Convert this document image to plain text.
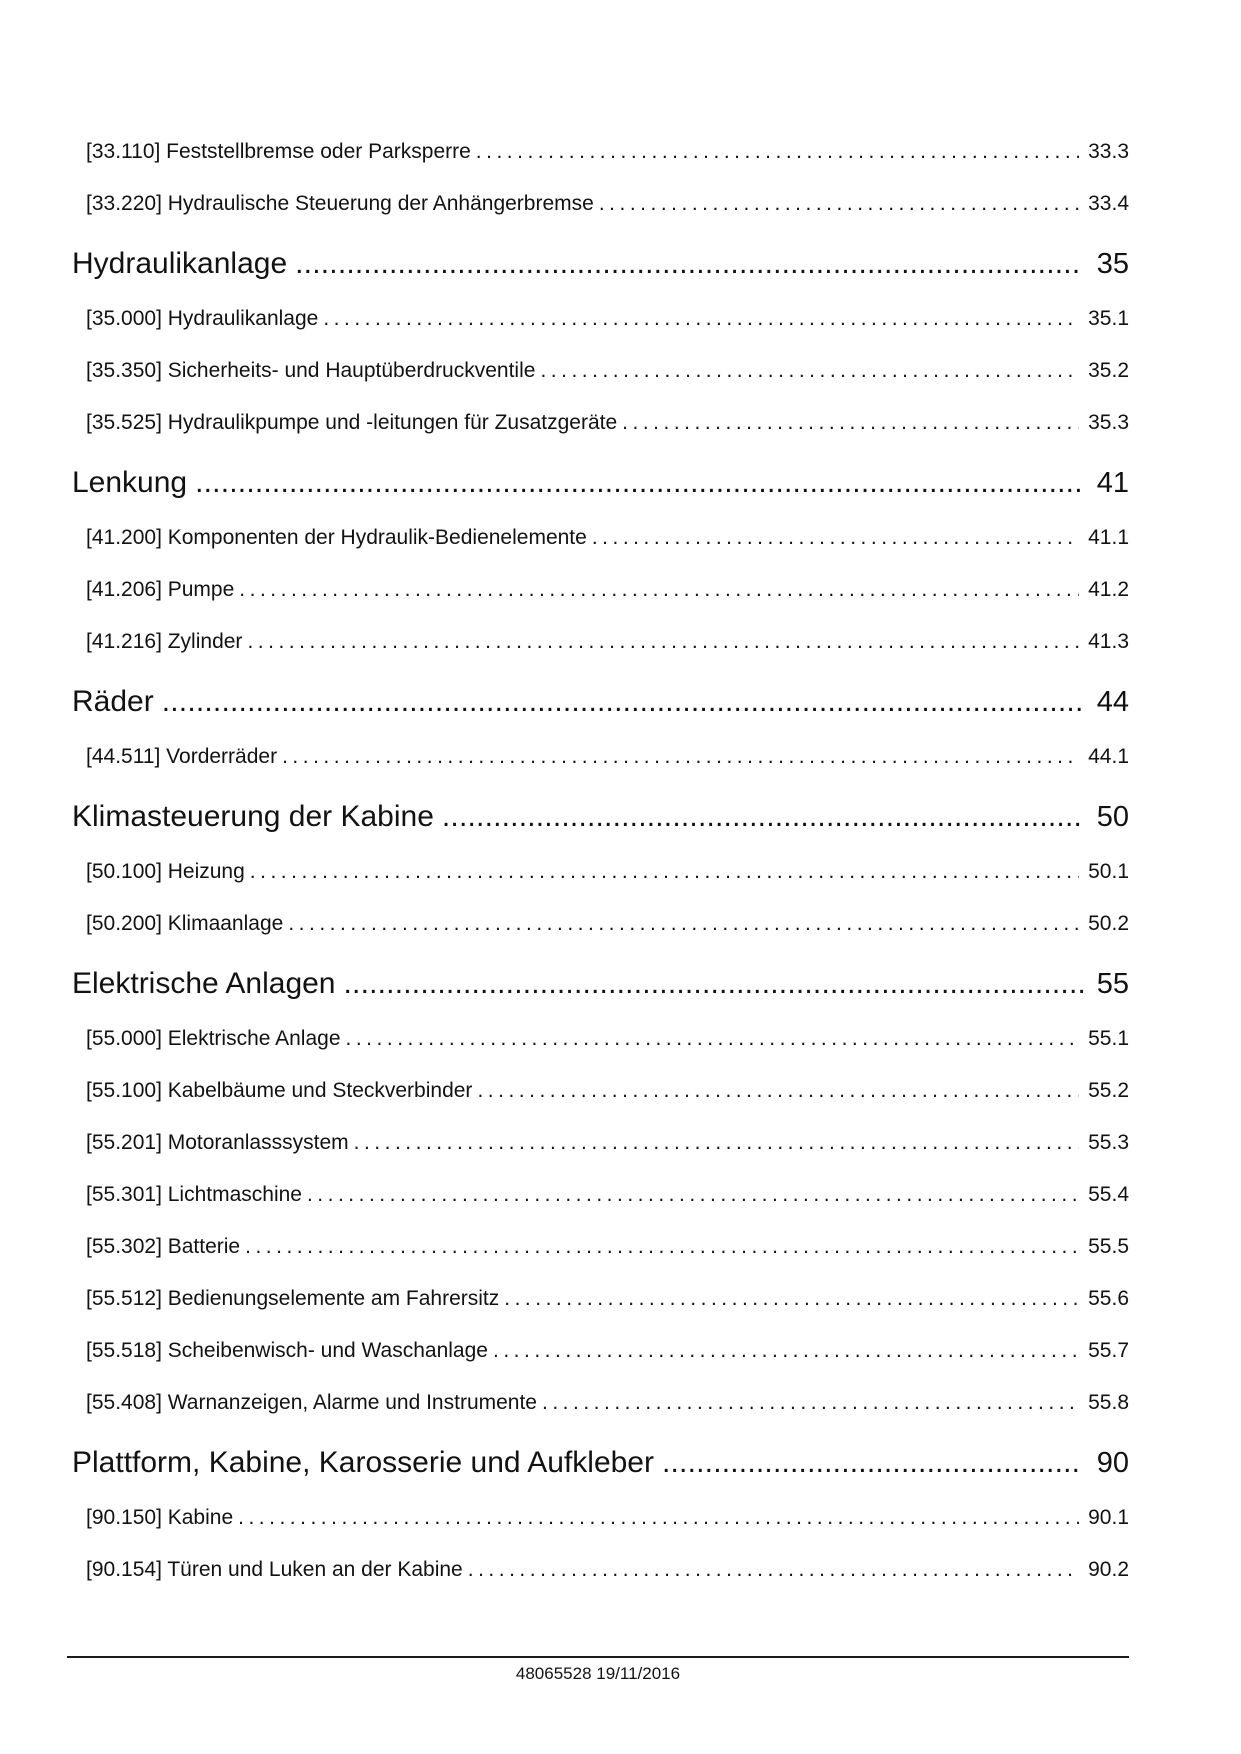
[33.110] Feststellbremse oder Parksperre .....	33.3
[33.220] Hydraulische Steuerung der Anhängerbremse .....	33.4
Hydraulikanlage .....	35
[35.000] Hydraulikanlage .....	35.1
[35.350] Sicherheits- und Hauptüberdruckventile .....	35.2
[35.525] Hydraulikpumpe und -leitungen für Zusatzgeräte .....	35.3
Lenkung .....	41
[41.200] Komponenten der Hydraulik-Bedienelemente .....	41.1
[41.206] Pumpe .....	41.2
[41.216] Zylinder .....	41.3
Räder .....	44
[44.511] Vorderräder .....	44.1
Klimasteuerung der Kabine .....	50
[50.100] Heizung .....	50.1
[50.200] Klimaanlage .....	50.2
Elektrische Anlagen .....	55
[55.000] Elektrische Anlage .....	55.1
[55.100] Kabelbäume und Steckverbinder .....	55.2
[55.201] Motoranlasssystem .....	55.3
[55.301] Lichtmaschine .....	55.4
[55.302] Batterie .....	55.5
[55.512] Bedienungselemente am Fahrersitz .....	55.6
[55.518] Scheibenwisch- und Waschanlage .....	55.7
[55.408] Warnanzeigen, Alarme und Instrumente .....	55.8
Plattform, Kabine, Karosserie und Aufkleber .....	90
[90.150] Kabine .....	90.1
[90.154] Türen und Luken an der Kabine .....	90.2
48065528 19/11/2016
